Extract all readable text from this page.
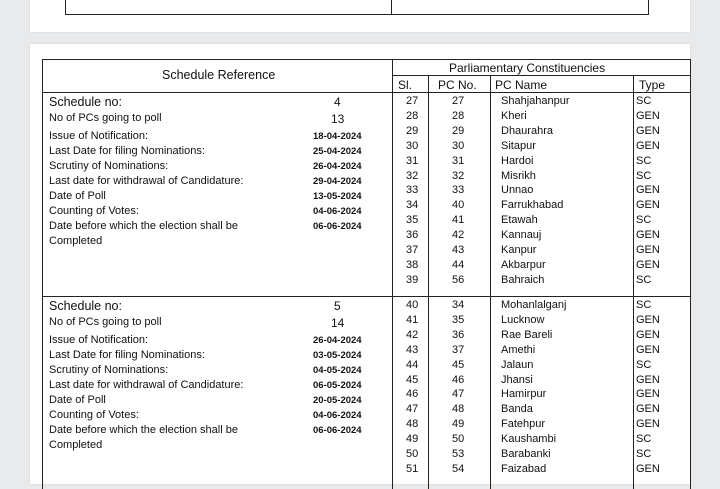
Schedule Reference	Parliamentary Constituencies
Sl. PC No. PC Name	Type
Schedule no:	4
No of PCs going to poll	13
Issue of Notification:	18-04-2024
Last Date for filing Nominations:	25-04-2024
Scrutiny of Nominations:	26-04-2024
Last date for withdrawal of Candidature:	29-04-2024
Date of Poll	13-05-2024
Counting of Votes:	04-06-2024
Date before which the election shall be	06-06-2024
Completed
27	27	Shahjahanpur	SC
28	28	Kheri	GEN
29	29	Dhaurahra	GEN
30	30	Sitapur	GEN
31	31	Hardoi	SC
32	32	Misrikh	SC
33	33	Unnao	GEN
34	40	Farrukhabad	GEN
35	41	Etawah	SC
36	42	Kannauj	GEN
37	43	Kanpur	GEN
38	44	Akbarpur	GEN
39	56	Bahraich	SC
Schedule no:	5
No of PCs going to poll	14
Issue of Notification:	26-04-2024
Last Date for filing Nominations:	03-05-2024
Scrutiny of Nominations:	04-05-2024
Last date for withdrawal of Candidature:	06-05-2024
Date of Poll	20-05-2024
Counting of Votes:	04-06-2024
Date before which the election shall be	06-06-2024
Completed
40	34	Mohanlalganj	SC
41	35	Lucknow	GEN
42	36	Rae Bareli	GEN
43	37	Amethi	GEN
44	45	Jalaun	SC
45	46	Jhansi	GEN
46	47	Hamirpur	GEN
47	48	Banda	GEN
48	49	Fatehpur	GEN
49	50	Kaushambi	SC
50	53	Barabanki	SC
51	54	Faizabad	GEN
